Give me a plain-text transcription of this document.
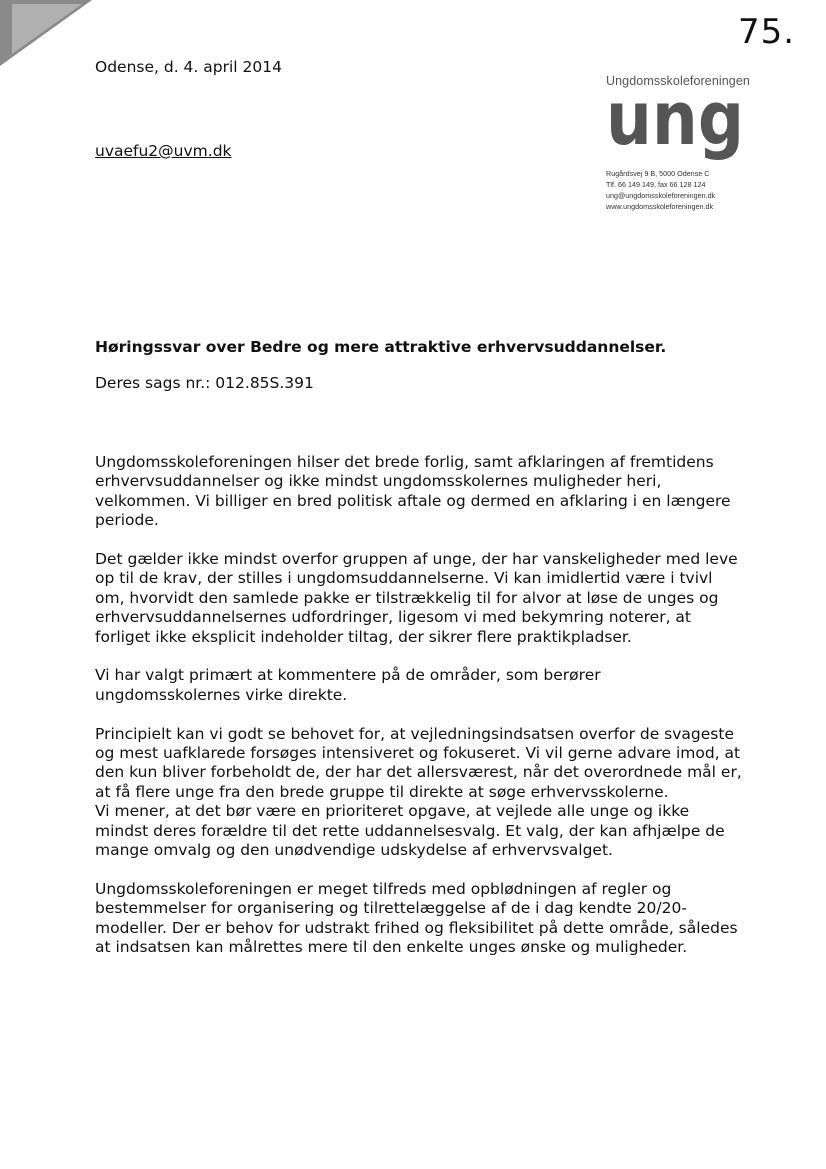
75.
Odense, d. 4. april 2014
uvaefu2@uvm.dk
Ungdomsskoleforeningen
ung
Rugårdsvej 9 B, 5000 Odense C
Tlf. 66 149 149, fax 66 128 124
ung@ungdomsskoleforeningen.dk
www.ungdomsskoleforeningen.dk
Høringssvar over Bedre og mere attraktive erhvervsuddannelser.
Deres sags nr.: 012.85S.391

Ungdomsskoleforeningen hilser det brede forlig, samt afklaringen af fremtidens erhvervsuddannelser og ikke mindst ungdomsskolernes muligheder heri, velkommen. Vi billiger en bred politisk aftale og dermed en afklaring i en længere periode.

Det gælder ikke mindst overfor gruppen af unge, der har vanskeligheder med leve op til de krav, der stilles i ungdomsuddannelserne. Vi kan imidlertid være i tvivl om, hvorvidt den samlede pakke er tilstrækkelig til for alvor at løse de unges og erhvervsuddannelsernes udfordringer, ligesom vi med bekymring noterer, at forliget ikke eksplicit indeholder tiltag, der sikrer flere praktikpladser.

Vi har valgt primært at kommentere på de områder, som berører ungdomsskolernes virke direkte.

Principielt kan vi godt se behovet for, at vejledningsindsatsen overfor de svageste og mest uafklarede forsøges intensiveret og fokuseret. Vi vil gerne advare imod, at den kun bliver forbeholdt de, der har det allersværest, når det overordnede mål er, at få flere unge fra den brede gruppe til direkte at søge erhvervsskolerne.

Vi mener, at det bør være en prioriteret opgave, at vejlede alle unge og ikke mindst deres forældre til det rette uddannelsesvalg. Et valg, der kan afhjælpe de mange omvalg og den unødvendige udskydelse af erhvervsvalget.

Ungdomsskoleforeningen er meget tilfreds med opblødningen af regler og bestemmelser for organisering og tilrettelæggelse af de i dag kendte 20/20-modeller. Der er behov for udstrakt frihed og fleksibilitet på dette område, således at indsatsen kan målrettes mere til den enkelte unges ønske og muligheder.
